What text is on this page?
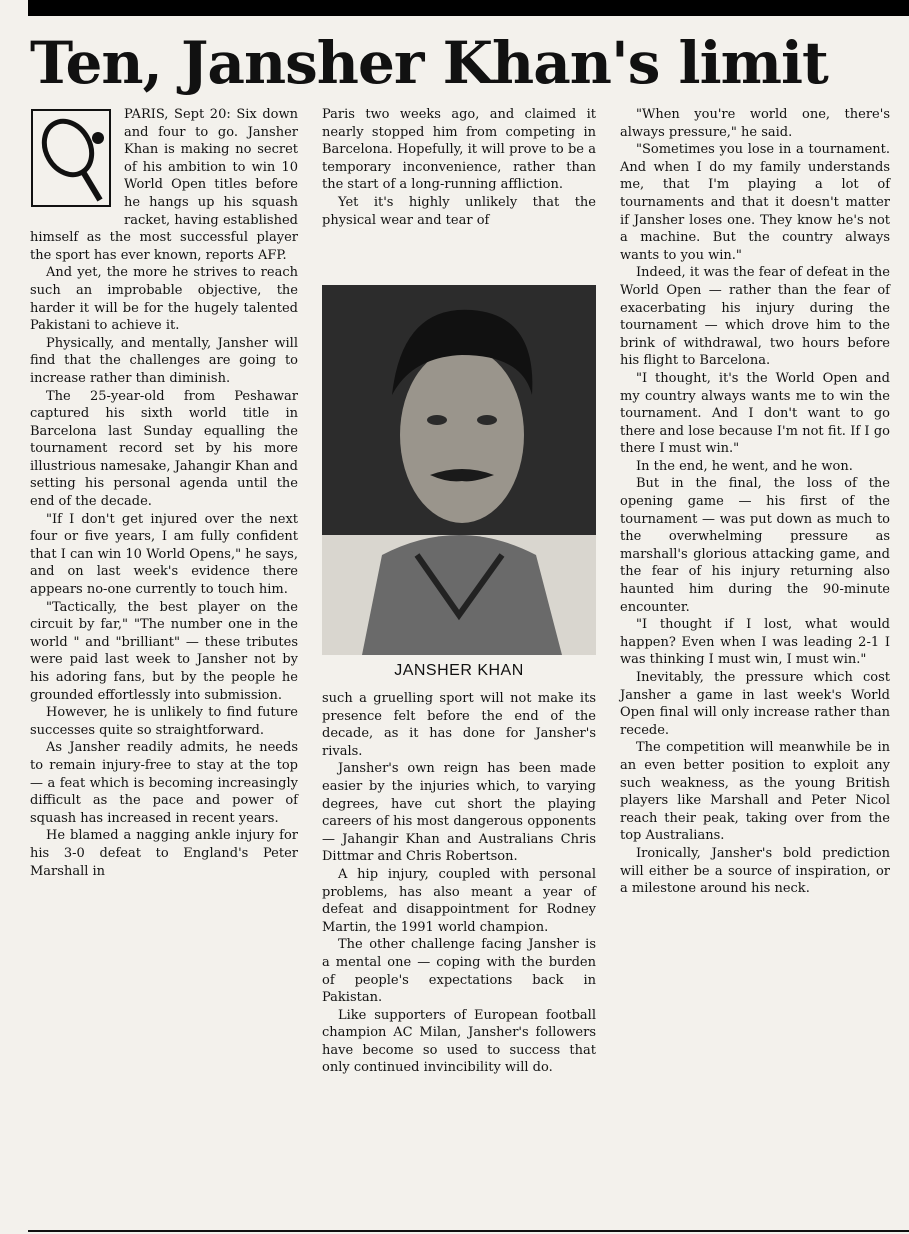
Ten, Jansher Khan's limit

PARIS, Sept 20: Six down and four to go. Jansher Khan is making no secret of his ambition to win 10 World Open titles before he hangs up his squash racket, having established himself as the most successful player the sport has ever known, reports AFP.

And yet, the more he strives to reach such an improbable objective, the harder it will be for the hugely talented Pakistani to achieve it.

Physically, and mentally, Jansher will find that the challenges are going to increase rather than diminish.

The 25-year-old from Peshawar captured his sixth world title in Barcelona last Sunday equalling the tournament record set by his more illustrious namesake, Jahangir Khan and setting his personal agenda until the end of the decade.

"If I don't get injured over the next four or five years, I am fully confident that I can win 10 World Opens," he says, and on last week's evidence there appears no-one currently to touch him.

"Tactically, the best player on the circuit by far," "The number one in the world " and "brilliant" — these tributes were paid last week to Jansher not by his adoring fans, but by the people he grounded effortlessly into submission.

However, he is unlikely to find future successes quite so straightforward.

As Jansher readily admits, he needs to remain injury-free to stay at the top — a feat which is becoming increasingly difficult as the pace and power of squash has increased in recent years.

He blamed a nagging ankle injury for his 3-0 defeat to England's Peter Marshall in

Paris two weeks ago, and claimed it nearly stopped him from competing in Barcelona. Hopefully, it will prove to be a temporary inconvenience, rather than the start of a long-running affliction.

Yet it's highly unlikely that the physical wear and tear of

JANSHER KHAN

such a gruelling sport will not make its presence felt before the end of the decade, as it has done for Jansher's rivals.

Jansher's own reign has been made easier by the injuries which, to varying degrees, have cut short the playing careers of his most dangerous opponents — Jahangir Khan and Australians Chris Dittmar and Chris Robertson.

A hip injury, coupled with personal problems, has also meant a year of defeat and disappointment for Rodney Martin, the 1991 world champion.

The other challenge facing Jansher is a mental one — coping with the burden of people's expectations back in Pakistan.

Like supporters of European football champion AC Milan, Jansher's followers have become so used to success that only continued invincibility will do.

"When you're world one, there's always pressure," he said.

"Sometimes you lose in a tournament. And when I do my family understands me, that I'm playing a lot of tournaments and that it doesn't matter if Jansher loses one. They know he's not a machine. But the country always wants to you win."

Indeed, it was the fear of defeat in the World Open — rather than the fear of exacerbating his injury during the tournament — which drove him to the brink of withdrawal, two hours before his flight to Barcelona.

"I thought, it's the World Open and my country always wants me to win the tournament. And I don't want to go there and lose because I'm not fit. If I go there I must win."

In the end, he went, and he won.

But in the final, the loss of the opening game — his first of the tournament — was put down as much to the overwhelming pressure as marshall's glorious attacking game, and the fear of his injury returning also haunted him during the 90-minute encounter.

"I thought if I lost, what would happen? Even when I was leading 2-1 I was thinking I must win, I must win."

Inevitably, the pressure which cost Jansher a game in last week's World Open final will only increase rather than recede.

The competition will meanwhile be in an even better position to exploit any such weakness, as the young British players like Marshall and Peter Nicol reach their peak, taking over from the top Australians.

Ironically, Jansher's bold prediction will either be a source of inspiration, or a milestone around his neck.
